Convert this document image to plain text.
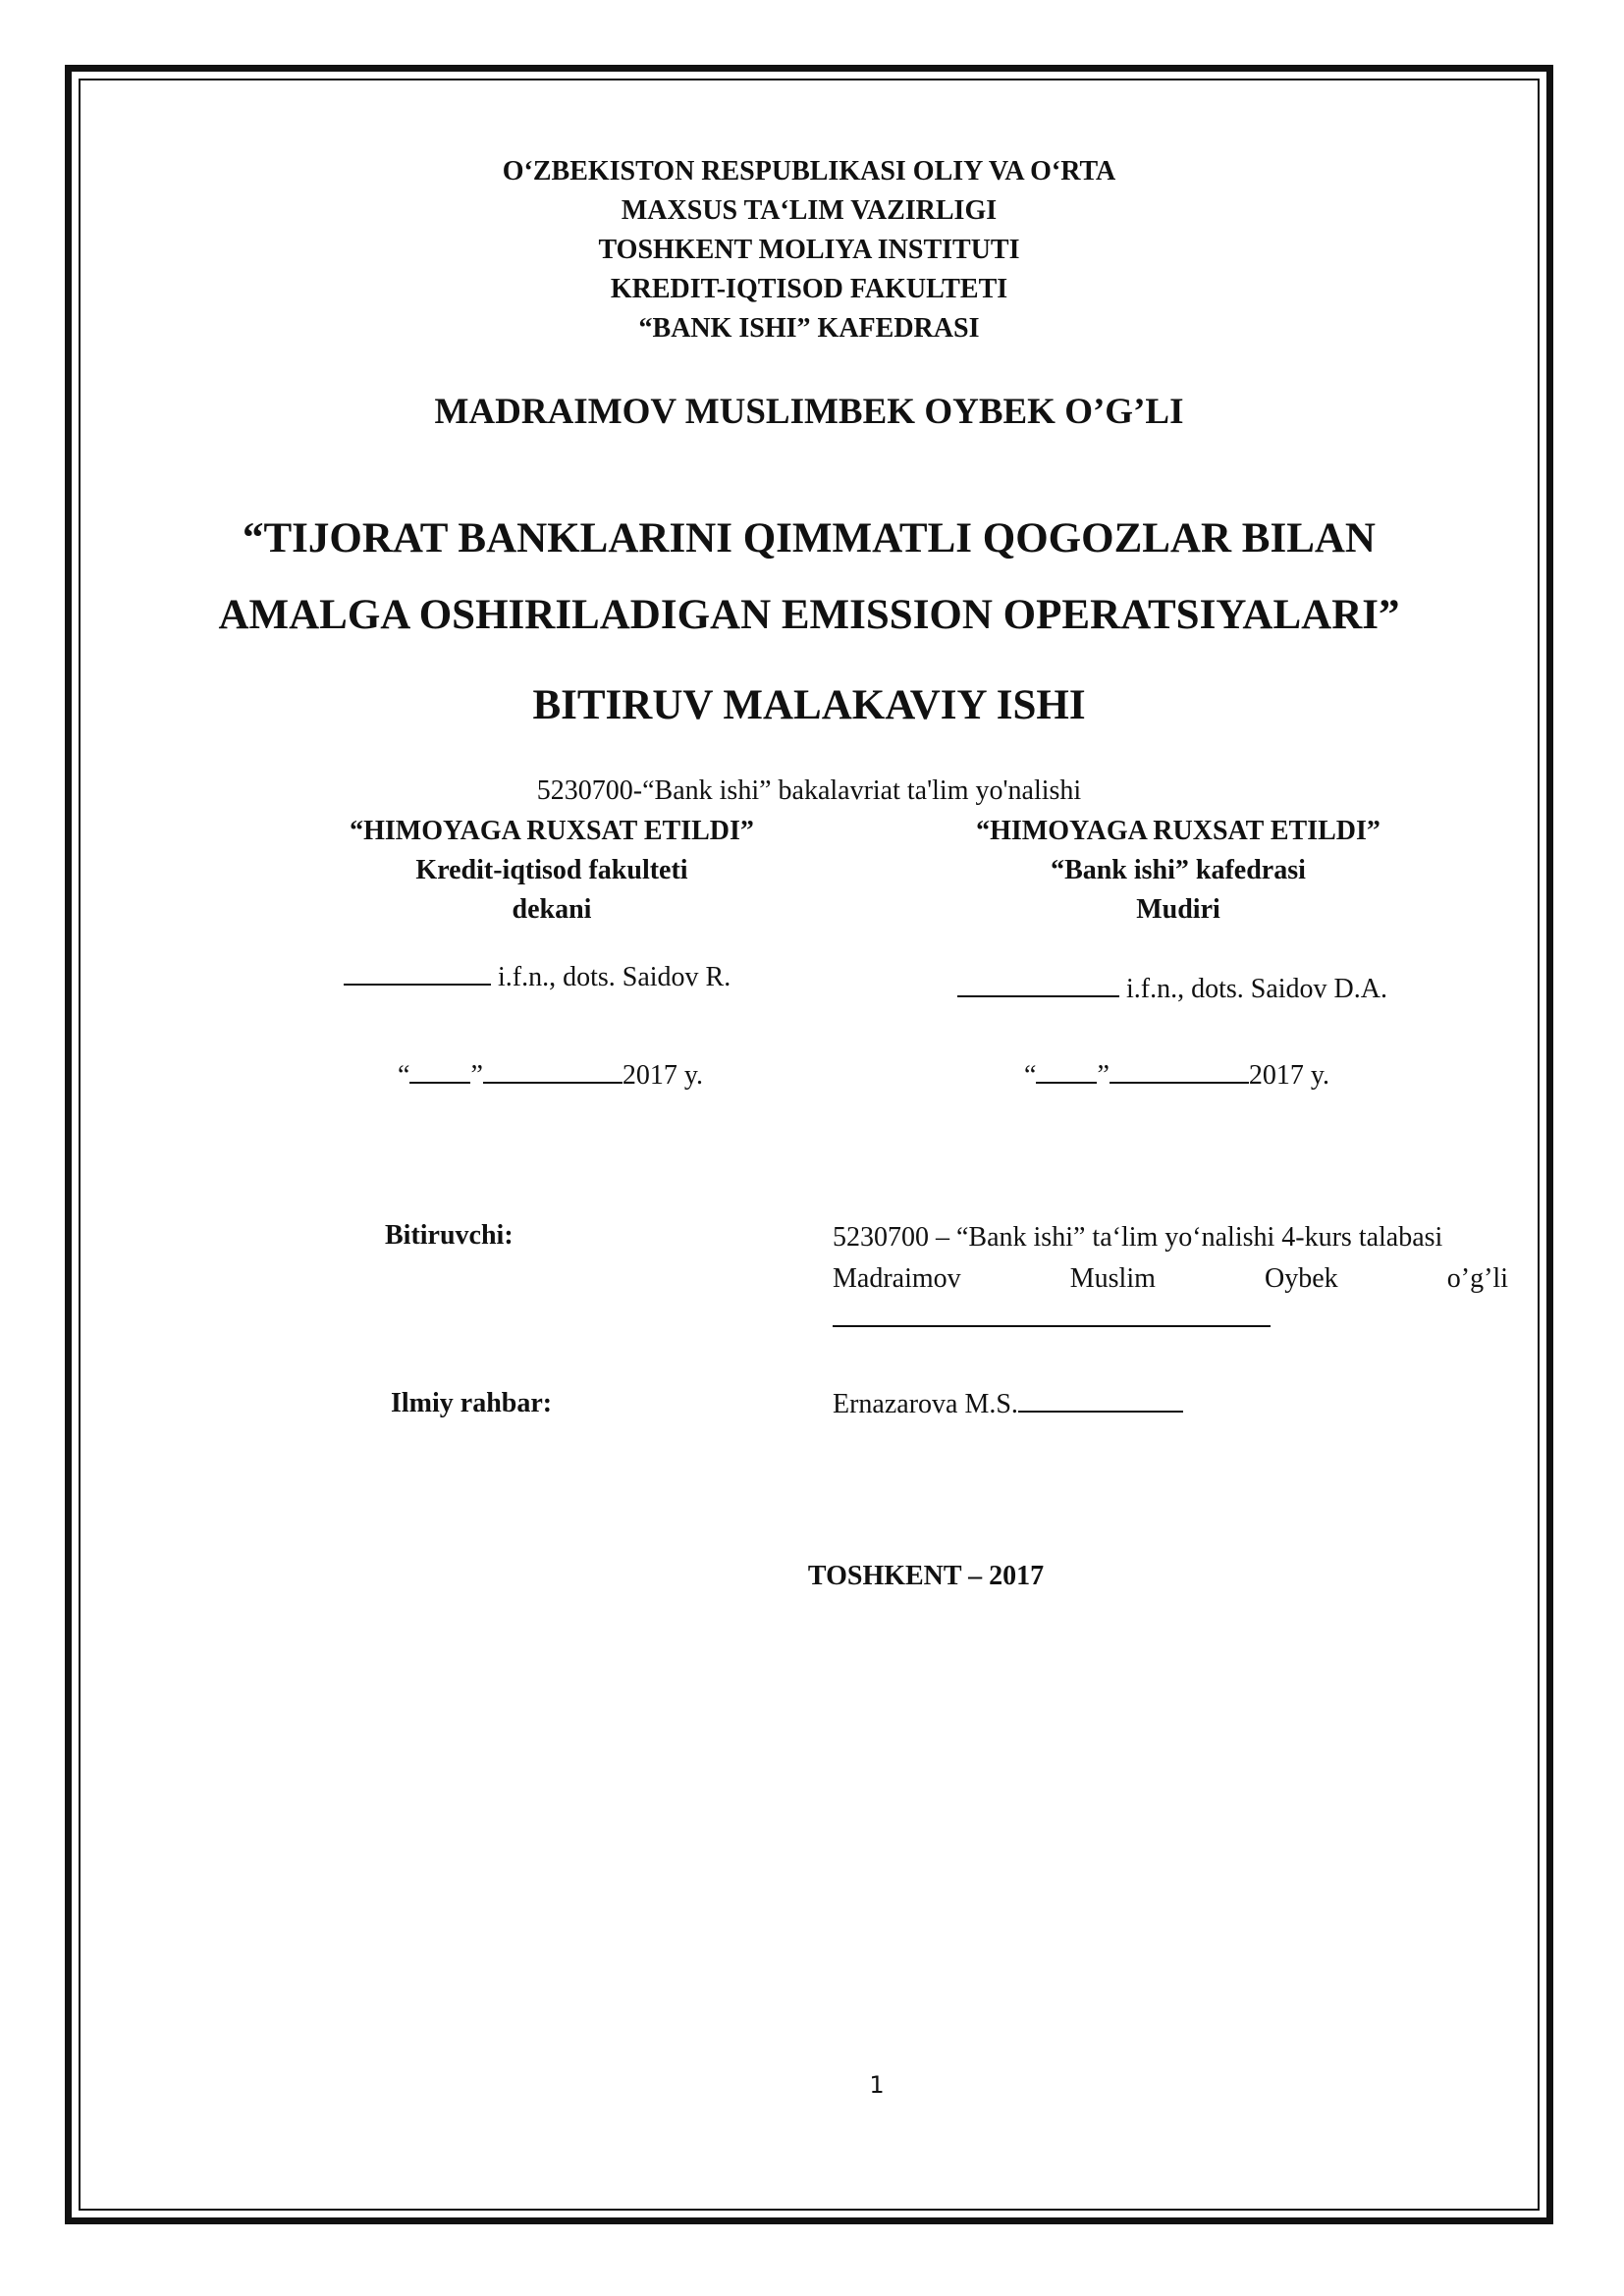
O‘ZBEKISTON RESPUBLIKASI OLIY VA O‘RTA
MAXSUS TA‘LIM VAZIRLIGI
TOSHKENT MOLIYA INSTITUTI
KREDIT-IQTISOD FAKULTETI
“BANK ISHI” KAFEDRASI
MADRAIMOV MUSLIMBEK OYBEK O’G’LI
“TIJORAT BANKLARINI QIMMATLI QOGOZLAR BILAN
AMALGA OSHIRILADIGAN EMISSION OPERATSIYALARI”
BITIRUV MALAKAVIY ISHI
5230700-“Bank ishi” bakalavriat ta'lim yo'nalishi
“HIMOYAGA RUXSAT ETILDI”
Kredit-iqtisod fakulteti
dekani
i.f.n., dots. Saidov R.
“ ”	2017 y.
“HIMOYAGA RUXSAT ETILDI”
“Bank ishi” kafedrasi
Mudiri
i.f.n., dots. Saidov D.A.
“ ”	2017 y.
Bitiruvchi:	5230700 – “Bank ishi” ta‘lim yo‘nalishi 4-kurs talabasi
Madraimov	Muslim	Oybek	o’g’li
Ilmiy rahbar:	Ernazarova M.S.
TOSHKENT – 2017
1
